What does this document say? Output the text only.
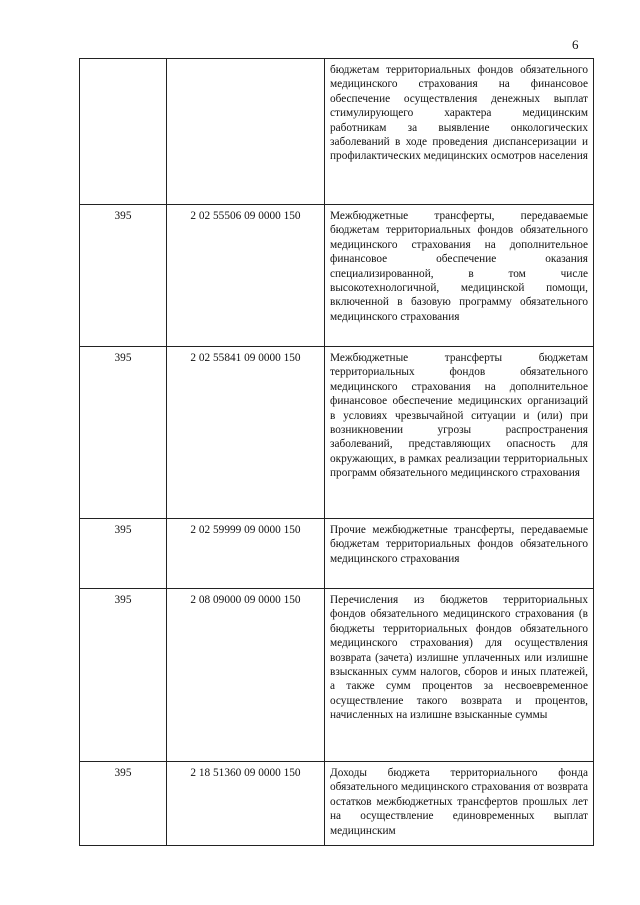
6
		бюджетам территориальных фондов обязательного медицинского страхования на финансовое обеспечение осуществления денежных выплат стимулирующего характера медицинским работникам за выявление онкологических заболеваний в ходе проведения диспансеризации и профилактических медицинских осмотров населения
395	2 02 55506 09 0000 150	Межбюджетные трансферты, передаваемые бюджетам территориальных фондов обязательного медицинского страхования на дополнительное финансовое обеспечение оказания специализированной, в том числе высокотехнологичной, медицинской помощи, включенной в базовую программу обязательного медицинского страхования
395	2 02 55841 09 0000 150	Межбюджетные трансферты бюджетам территориальных фондов обязательного медицинского страхования на дополнительное финансовое обеспечение медицинских организаций в условиях чрезвычайной ситуации и (или) при возникновении угрозы распространения заболеваний, представляющих опасность для окружающих, в рамках реализации территориальных программ обязательного медицинского страхования
395	2 02 59999 09 0000 150	Прочие межбюджетные трансферты, передаваемые бюджетам территориальных фондов обязательного медицинского страхования
395	2 08 09000 09 0000 150	Перечисления из бюджетов территориальных фондов обязательного медицинского страхования (в бюджеты территориальных фондов обязательного медицинского страхования) для осуществления возврата (зачета) излишне уплаченных или излишне взысканных сумм налогов, сборов и иных платежей, а также сумм процентов за несвоевременное осуществление такого возврата и процентов, начисленных на излишне взысканные суммы
395	2 18 51360 09 0000 150	Доходы бюджета территориального фонда обязательного медицинского страхования от возврата остатков межбюджетных трансфертов прошлых лет на осуществление единовременных выплат медицинским
